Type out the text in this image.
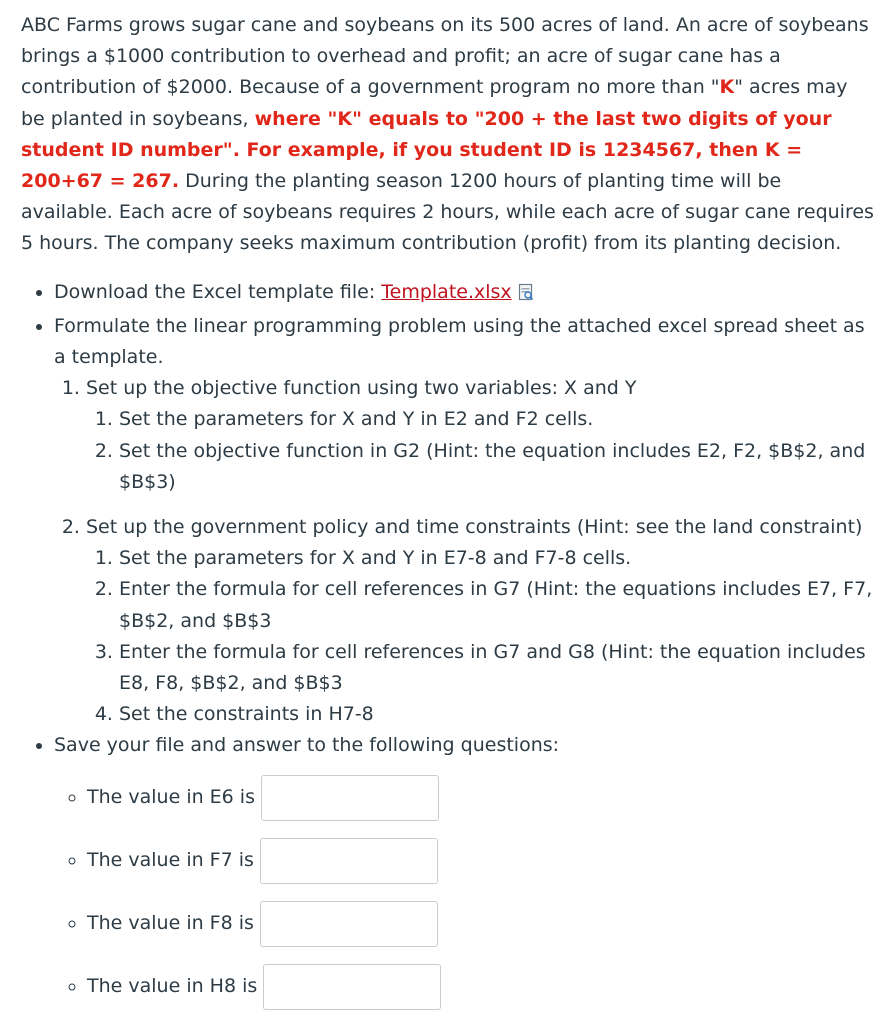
ABC Farms grows sugar cane and soybeans on its 500 acres of land. An acre of soybeans brings a $1000 contribution to overhead and profit; an acre of sugar cane has a contribution of $2000. Because of a government program no more than "K" acres may be planted in soybeans, where "K" equals to "200 + the last two digits of your student ID number". For example, if you student ID is 1234567, then K = 200+67 = 267. During the planting season 1200 hours of planting time will be available. Each acre of soybeans requires 2 hours, while each acre of sugar cane requires 5 hours. The company seeks maximum contribution (profit) from its planting decision.

• Download the Excel template file: Template.xlsx
• Formulate the linear programming problem using the attached excel spread sheet as a template.
1. Set up the objective function using two variables: X and Y
1. Set the parameters for X and Y in E2 and F2 cells.
2. Set the objective function in G2 (Hint: the equation includes E2, F2, $B$2, and $B$3)
2. Set up the government policy and time constraints (Hint: see the land constraint)
1. Set the parameters for X and Y in E7-8 and F7-8 cells.
2. Enter the formula for cell references in G7 (Hint: the equations includes E7, F7, $B$2, and $B$3
3. Enter the formula for cell references in G7 and G8 (Hint: the equation includes E8, F8, $B$2, and $B$3
4. Set the constraints in H7-8
• Save your file and answer to the following questions:
◦ The value in E6 is
◦ The value in F7 is
◦ The value in F8 is
◦ The value in H8 is
